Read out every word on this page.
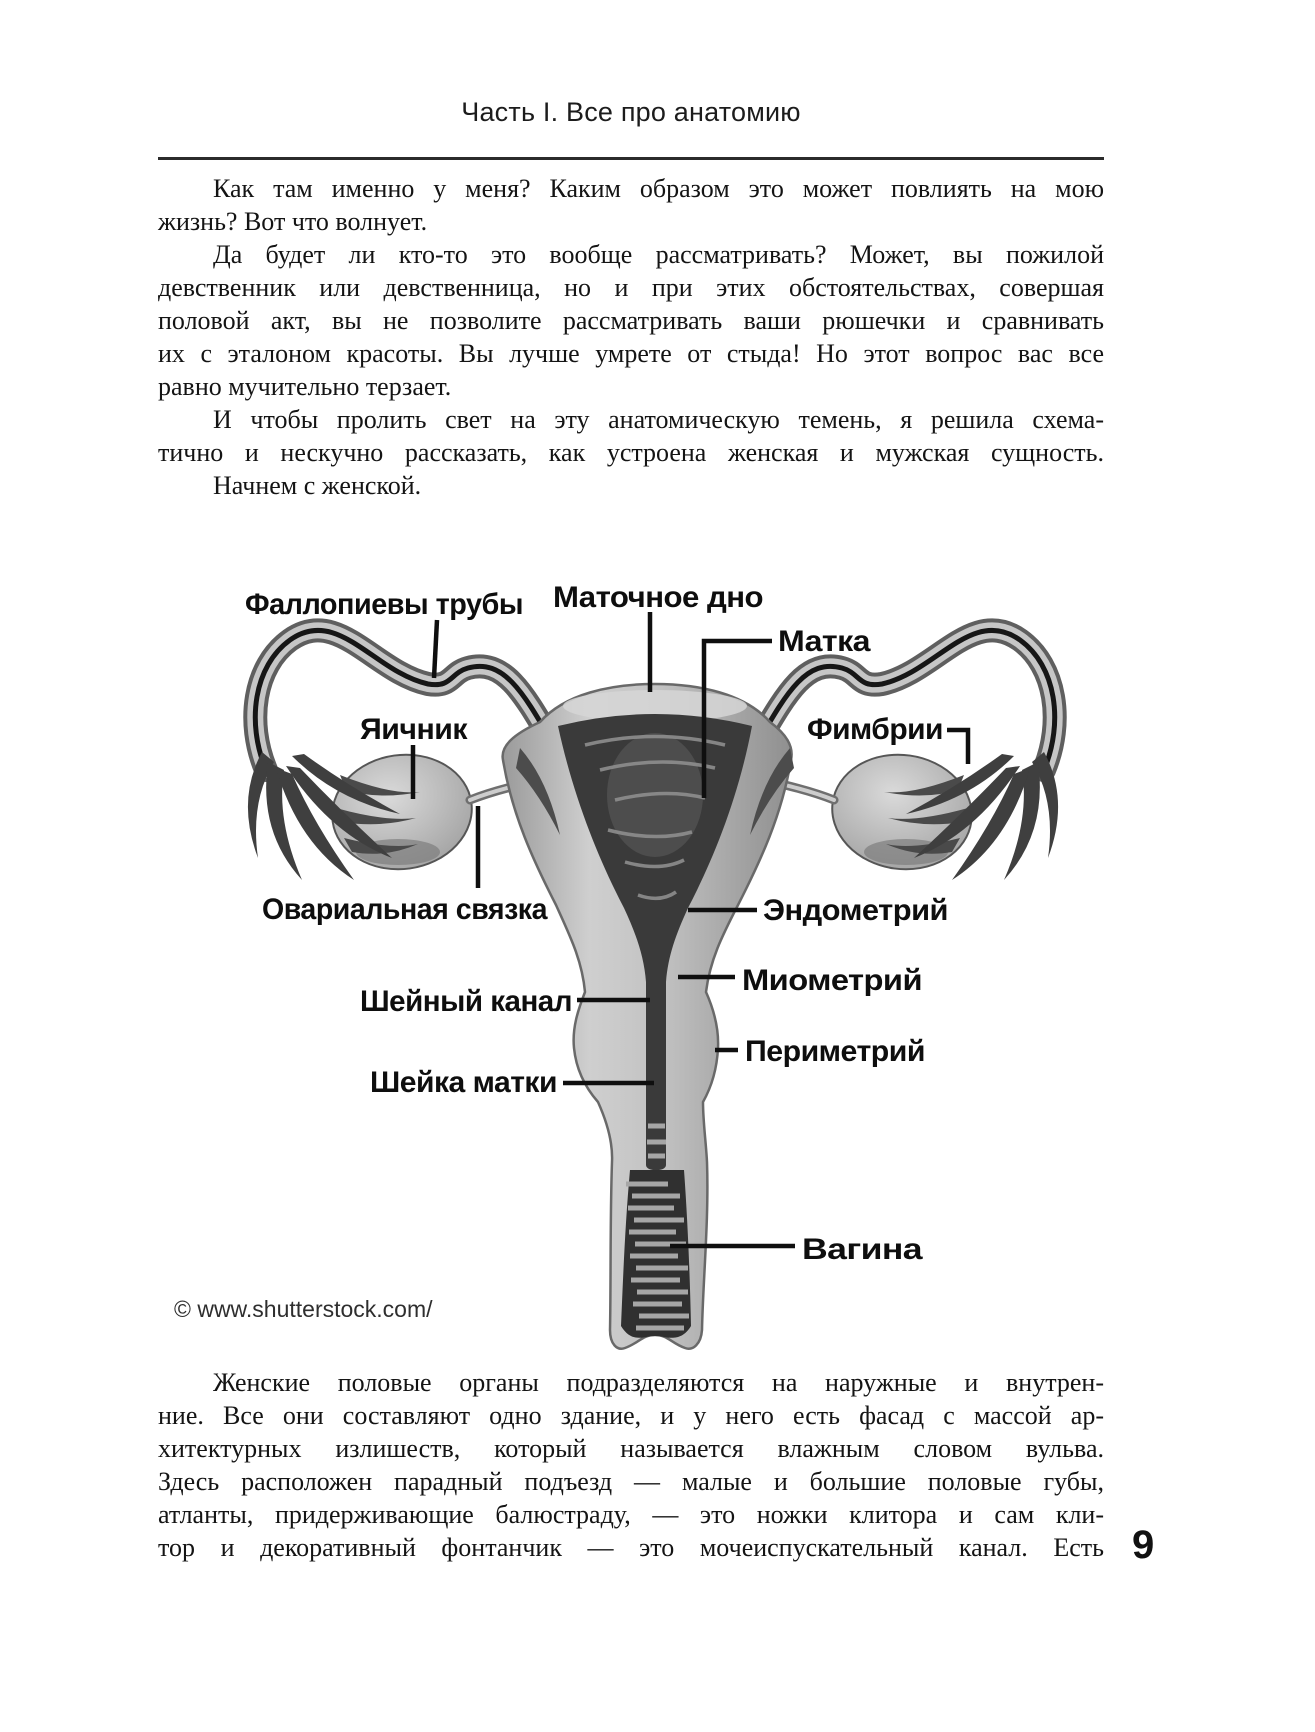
Часть I. Все про анатомию
Как там именно у меня? Каким образом это может повлиять на мою
жизнь? Вот что волнует.
Да будет ли кто-то это вообще рассматривать? Может, вы пожилой
девственник или девственница, но и при этих обстоятельствах, совершая
половой акт, вы не позволите рассматривать ваши рюшечки и сравнивать
их с эталоном красоты. Вы лучше умрете от стыда! Но этот вопрос вас все
равно мучительно терзает.
И чтобы пролить свет на эту анатомическую темень, я решила схема-
тично и нескучно рассказать, как устроена женская и мужская сущность.
Начнем с женской.
Фаллопиевы трубы Маточное дно
Матка
Яичник	Фимбрии
Овариальная связка	Эндометрий
Миометрий
Периметрий
Шейный канал
Шейка матки
Вагина
© www.shutterstock.com/
Женские половые органы подразделяются на наружные и внутрен-
ние. Все они составляют одно здание, и у него есть фасад с массой ар-
хитектурных излишеств, который называется влажным словом вульва.
Здесь расположен парадный подъезд — малые и большие половые губы,
атланты, придерживающие балюстраду, — это ножки клитора и сам кли-
тор и декоративный фонтанчик — это мочеиспускательный канал. Есть 9
